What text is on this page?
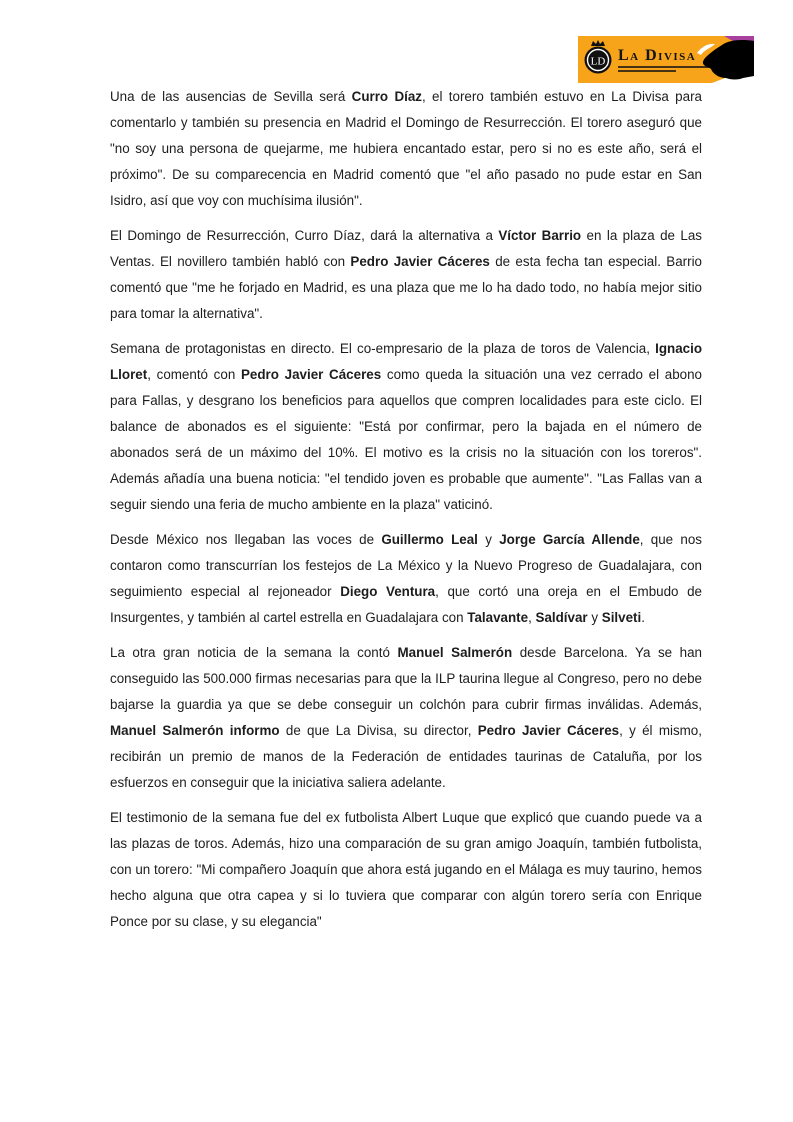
LD La Divisa

Una de las ausencias de Sevilla será Curro Díaz, el torero también estuvo en La Divisa para comentarlo y también su presencia en Madrid el Domingo de Resurrección. El torero aseguró que "no soy una persona de quejarme, me hubiera encantado estar, pero si no es este año, será el próximo". De su comparecencia en Madrid comentó que "el año pasado no pude estar en San Isidro, así que voy con muchísima ilusión".

El Domingo de Resurrección, Curro Díaz, dará la alternativa a Víctor Barrio en la plaza de Las Ventas. El novillero también habló con Pedro Javier Cáceres de esta fecha tan especial. Barrio comentó que "me he forjado en Madrid, es una plaza que me lo ha dado todo, no había mejor sitio para tomar la alternativa".

Semana de protagonistas en directo. El co-empresario de la plaza de toros de Valencia, Ignacio Lloret, comentó con Pedro Javier Cáceres como queda la situación una vez cerrado el abono para Fallas, y desgrano los beneficios para aquellos que compren localidades para este ciclo. El balance de abonados es el siguiente: "Está por confirmar, pero la bajada en el número de abonados será de un máximo del 10%. El motivo es la crisis no la situación con los toreros". Además añadía una buena noticia: "el tendido joven es probable que aumente". "Las Fallas van a seguir siendo una feria de mucho ambiente en la plaza" vaticinó.

Desde México nos llegaban las voces de Guillermo Leal y Jorge García Allende, que nos contaron como transcurrían los festejos de La México y la Nuevo Progreso de Guadalajara, con seguimiento especial al rejoneador Diego Ventura, que cortó una oreja en el Embudo de Insurgentes, y también al cartel estrella en Guadalajara con Talavante, Saldívar y Silveti.

La otra gran noticia de la semana la contó Manuel Salmerón desde Barcelona. Ya se han conseguido las 500.000 firmas necesarias para que la ILP taurina llegue al Congreso, pero no debe bajarse la guardia ya que se debe conseguir un colchón para cubrir firmas inválidas. Además, Manuel Salmerón informo de que La Divisa, su director, Pedro Javier Cáceres, y él mismo, recibirán un premio de manos de la Federación de entidades taurinas de Cataluña, por los esfuerzos en conseguir que la iniciativa saliera adelante.

El testimonio de la semana fue del ex futbolista Albert Luque que explicó que cuando puede va a las plazas de toros. Además, hizo una comparación de su gran amigo Joaquín, también futbolista, con un torero: "Mi compañero Joaquín que ahora está jugando en el Málaga es muy taurino, hemos hecho alguna que otra capea y si lo tuviera que comparar con algún torero sería con Enrique Ponce por su clase, y su elegancia"
